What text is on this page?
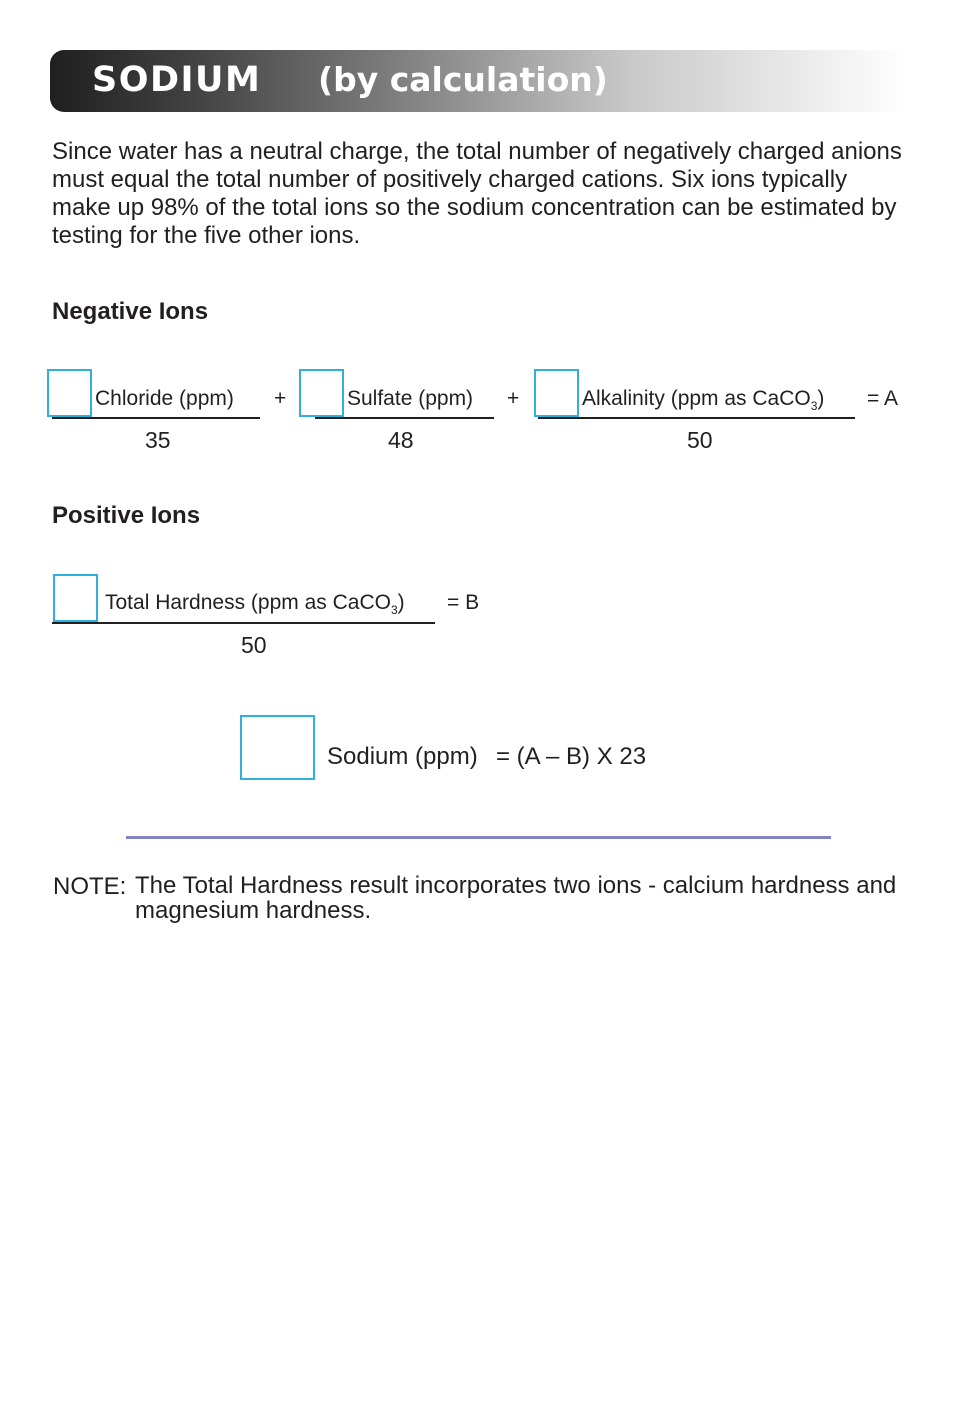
SODIUM (by calculation)
Since water has a neutral charge, the total number of negatively charged anions must equal the total number of positively charged cations. Six ions typically make up 98% of the total ions so the sodium concentration can be estimated by testing for the five other ions.
Negative Ions
Chloride (ppm)
35
+	Sulfate (ppm)
48
+	Alkalinity (ppm as CaCO$_3$)
50
= A
Positive Ions
Total Hardness (ppm as CaCO$_3$)
50
= B
Sodium (ppm) = (A – B) X 23
NOTE: The Total Hardness result incorporates two ions - calcium hardness and magnesium hardness.
